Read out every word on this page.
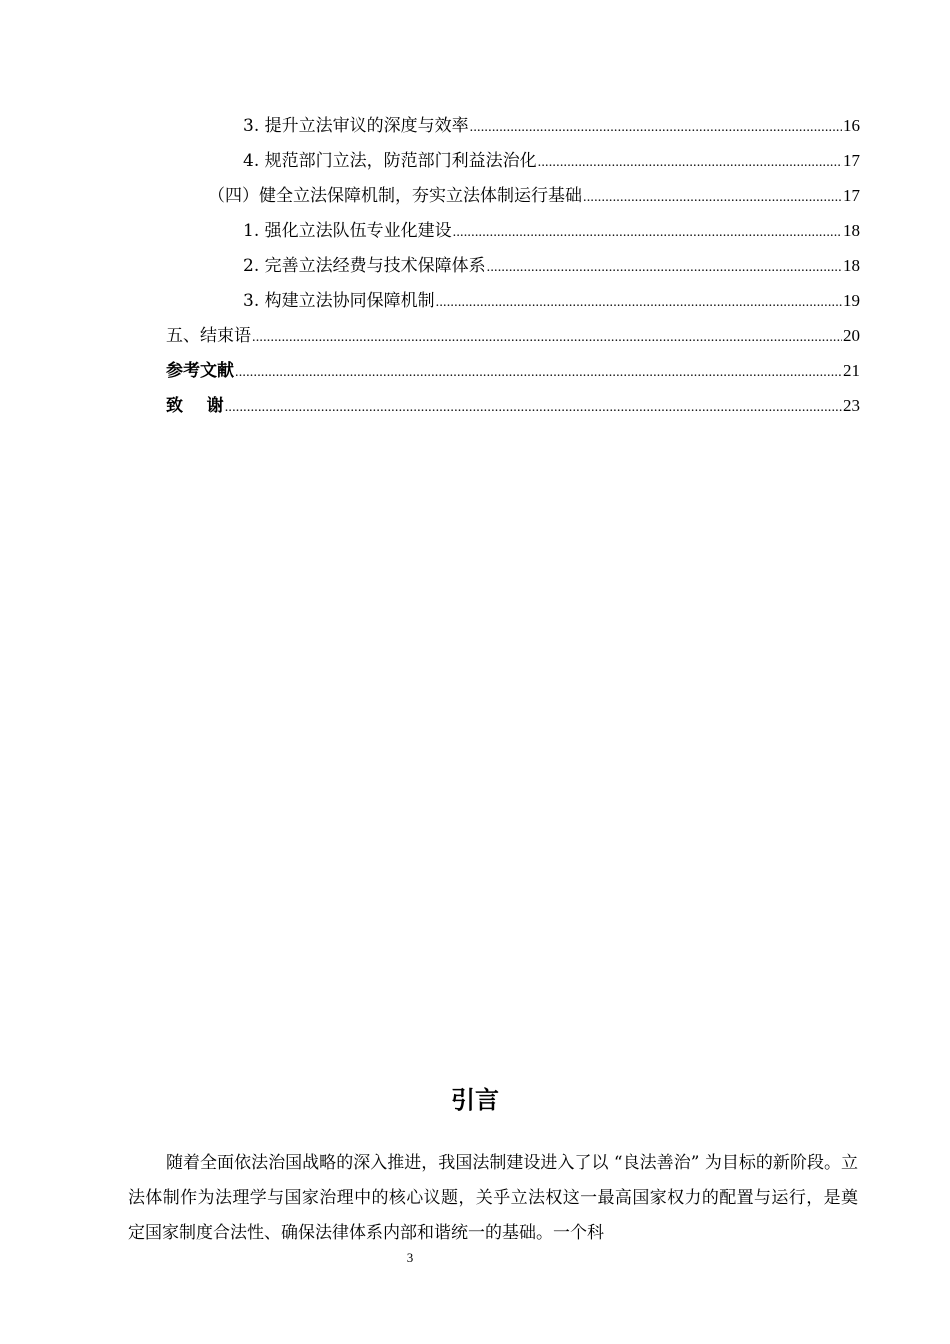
3. 提升立法审议的深度与效率 .....	16
4. 规范部门立法，防范部门利益法治化 .....	17
（四）健全立法保障机制，夯实立法体制运行基础 .....	17
1. 强化立法队伍专业化建设 .....	18
2. 完善立法经费与技术保障体系 .....	18
3. 构建立法协同保障机制 .....	19
五、结束语 .....	20
参考文献 .....	21
致    谢 .....	23
引言

随着全面依法治国战略的深入推进，我国法制建设进入了以 “良法善治” 为目标的新阶段。立法体制作为法理学与国家治理中的核心议题，关乎立法权这一最高国家权力的配置与运行，是奠定国家制度合法性、确保法律体系内部和谐统一的基础。一个科

3
